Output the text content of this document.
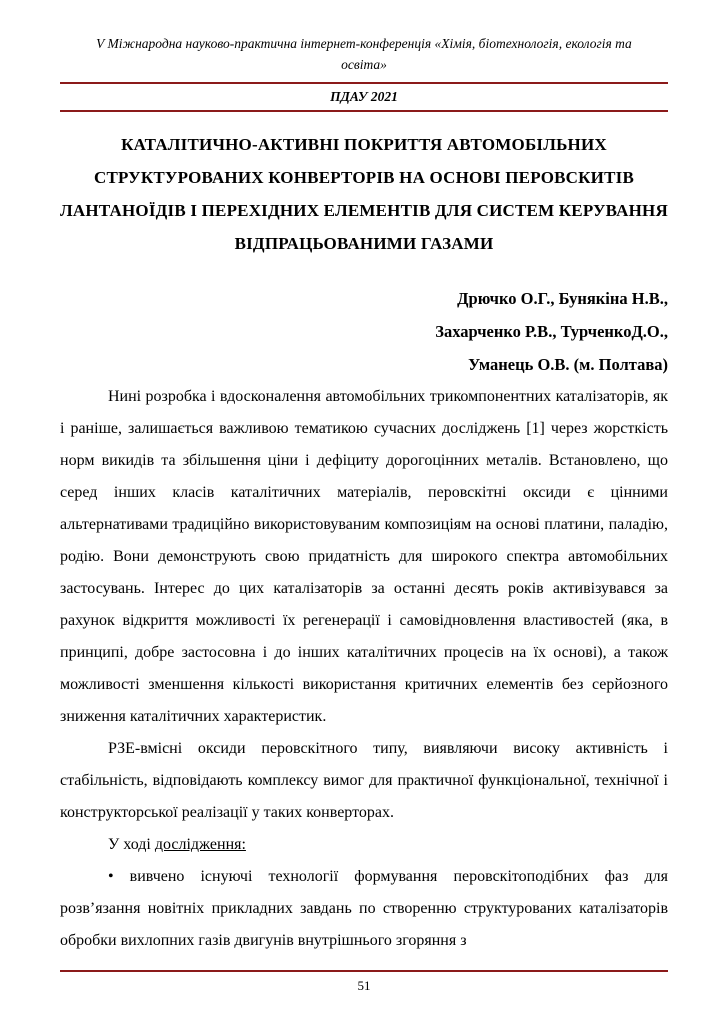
V Міжнародна науково-практична інтернет-конференція «Хімія, біотехнологія, екологія та освіта»
ПДАУ 2021
КАТАЛІТИЧНО-АКТИВНІ ПОКРИТТЯ АВТОМОБІЛЬНИХ СТРУКТУРОВАНИХ КОНВЕРТОРІВ НА ОСНОВІ ПЕРОВСКИТІВ ЛАНТАНОЇДІВ І ПЕРЕХІДНИХ ЕЛЕМЕНТІВ ДЛЯ СИСТЕМ КЕРУВАННЯ ВІДПРАЦЬОВАНИМИ ГАЗАМИ
Дрючко О.Г., Бунякіна Н.В.,
Захарченко Р.В., ТурченкоД.О.,
Уманець О.В. (м. Полтава)

Нині розробка і вдосконалення автомобільних трикомпонентних каталізаторів, як і раніше, залишається важливою тематикою сучасних досліджень [1] через жорсткість норм викидів та збільшення ціни і дефіциту дорогоцінних металів. Встановлено, що серед інших класів каталітичних матеріалів, перовскітні оксиди є цінними альтернативами традиційно використовуваним композиціям на основі платини, паладію, родію. Вони демонструють свою придатність для широкого спектра автомобільних застосувань. Інтерес до цих каталізаторів за останні десять років активізувався за рахунок відкриття можливості їх регенерації і самовідновлення властивостей (яка, в принципі, добре застосовна і до інших каталітичних процесів на їх основі), а також можливості зменшення кількості використання критичних елементів без серйозного зниження каталітичних характеристик.

РЗЕ-вмісні оксиди перовскітного типу, виявляючи високу активність і стабільність, відповідають комплексу вимог для практичної функціональної, технічної і конструкторської реалізації у таких конверторах.

У ході дослідження:

• вивчено існуючі технології формування перовскітоподібних фаз для розв’язання новітніх прикладних завдань по створенню структурованих каталізаторів обробки вихлопних газів двигунів внутрішнього згоряння з

51
